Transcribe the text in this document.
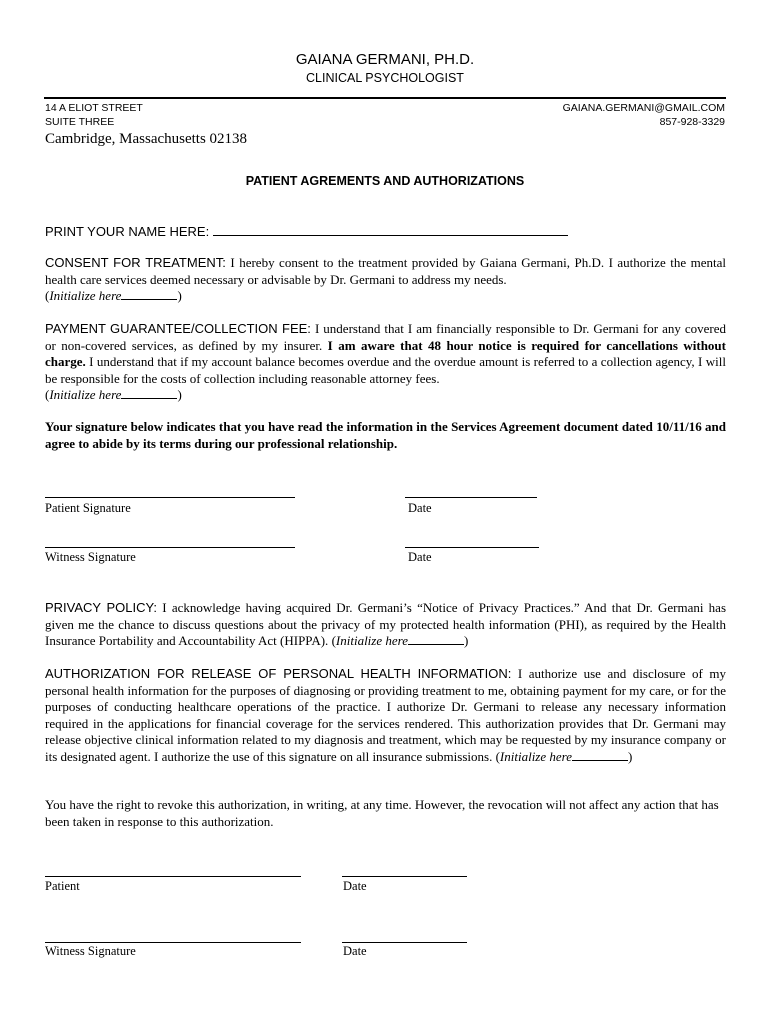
GAIANA GERMANI, PH.D.
CLINICAL PSYCHOLOGIST
14 A ELIOT STREET
SUITE THREE
GAIANA.GERMANI@GMAIL.COM
857-928-3329
Cambridge, Massachusetts 02138
PATIENT AGREMENTS AND AUTHORIZATIONS
PRINT YOUR NAME HERE:
CONSENT FOR TREATMENT: I hereby consent to the treatment provided by Gaiana Germani, Ph.D. I authorize the mental health care services deemed necessary or advisable by Dr. Germani to address my needs.
(Initialize here	)
PAYMENT GUARANTEE/COLLECTION FEE: I understand that I am financially responsible to Dr. Germani for any covered or non-covered services, as defined by my insurer. I am aware that 48 hour notice is required for cancellations without charge. I understand that if my account balance becomes overdue and the overdue amount is referred to a collection agency, I will be responsible for the costs of collection including reasonable attorney fees.
(Initialize here	)
Your signature below indicates that you have read the information in the Services Agreement document dated 10/11/16 and agree to abide by its terms during our professional relationship.
Patient Signature	Date
Witness Signature	Date
PRIVACY POLICY: I acknowledge having acquired Dr. Germani’s “Notice of Privacy Practices.” And that Dr. Germani has given me the chance to discuss questions about the privacy of my protected health information (PHI), as required by the Health Insurance Portability and Accountability Act (HIPPA). (Initialize here	)
AUTHORIZATION FOR RELEASE OF PERSONAL HEALTH INFORMATION: I authorize use and disclosure of my personal health information for the purposes of diagnosing or providing treatment to me, obtaining payment for my care, or for the purposes of conducting healthcare operations of the practice. I authorize Dr. Germani to release any necessary information required in the applications for financial coverage for the services rendered. This authorization provides that Dr. Germani may release objective clinical information related to my diagnosis and treatment, which may be requested by my insurance company or its designated agent. I authorize the use of this signature on all insurance submissions. (Initialize here	)
You have the right to revoke this authorization, in writing, at any time. However, the revocation will not affect any action that has been taken in response to this authorization.
Patient	Date
Witness Signature	Date
